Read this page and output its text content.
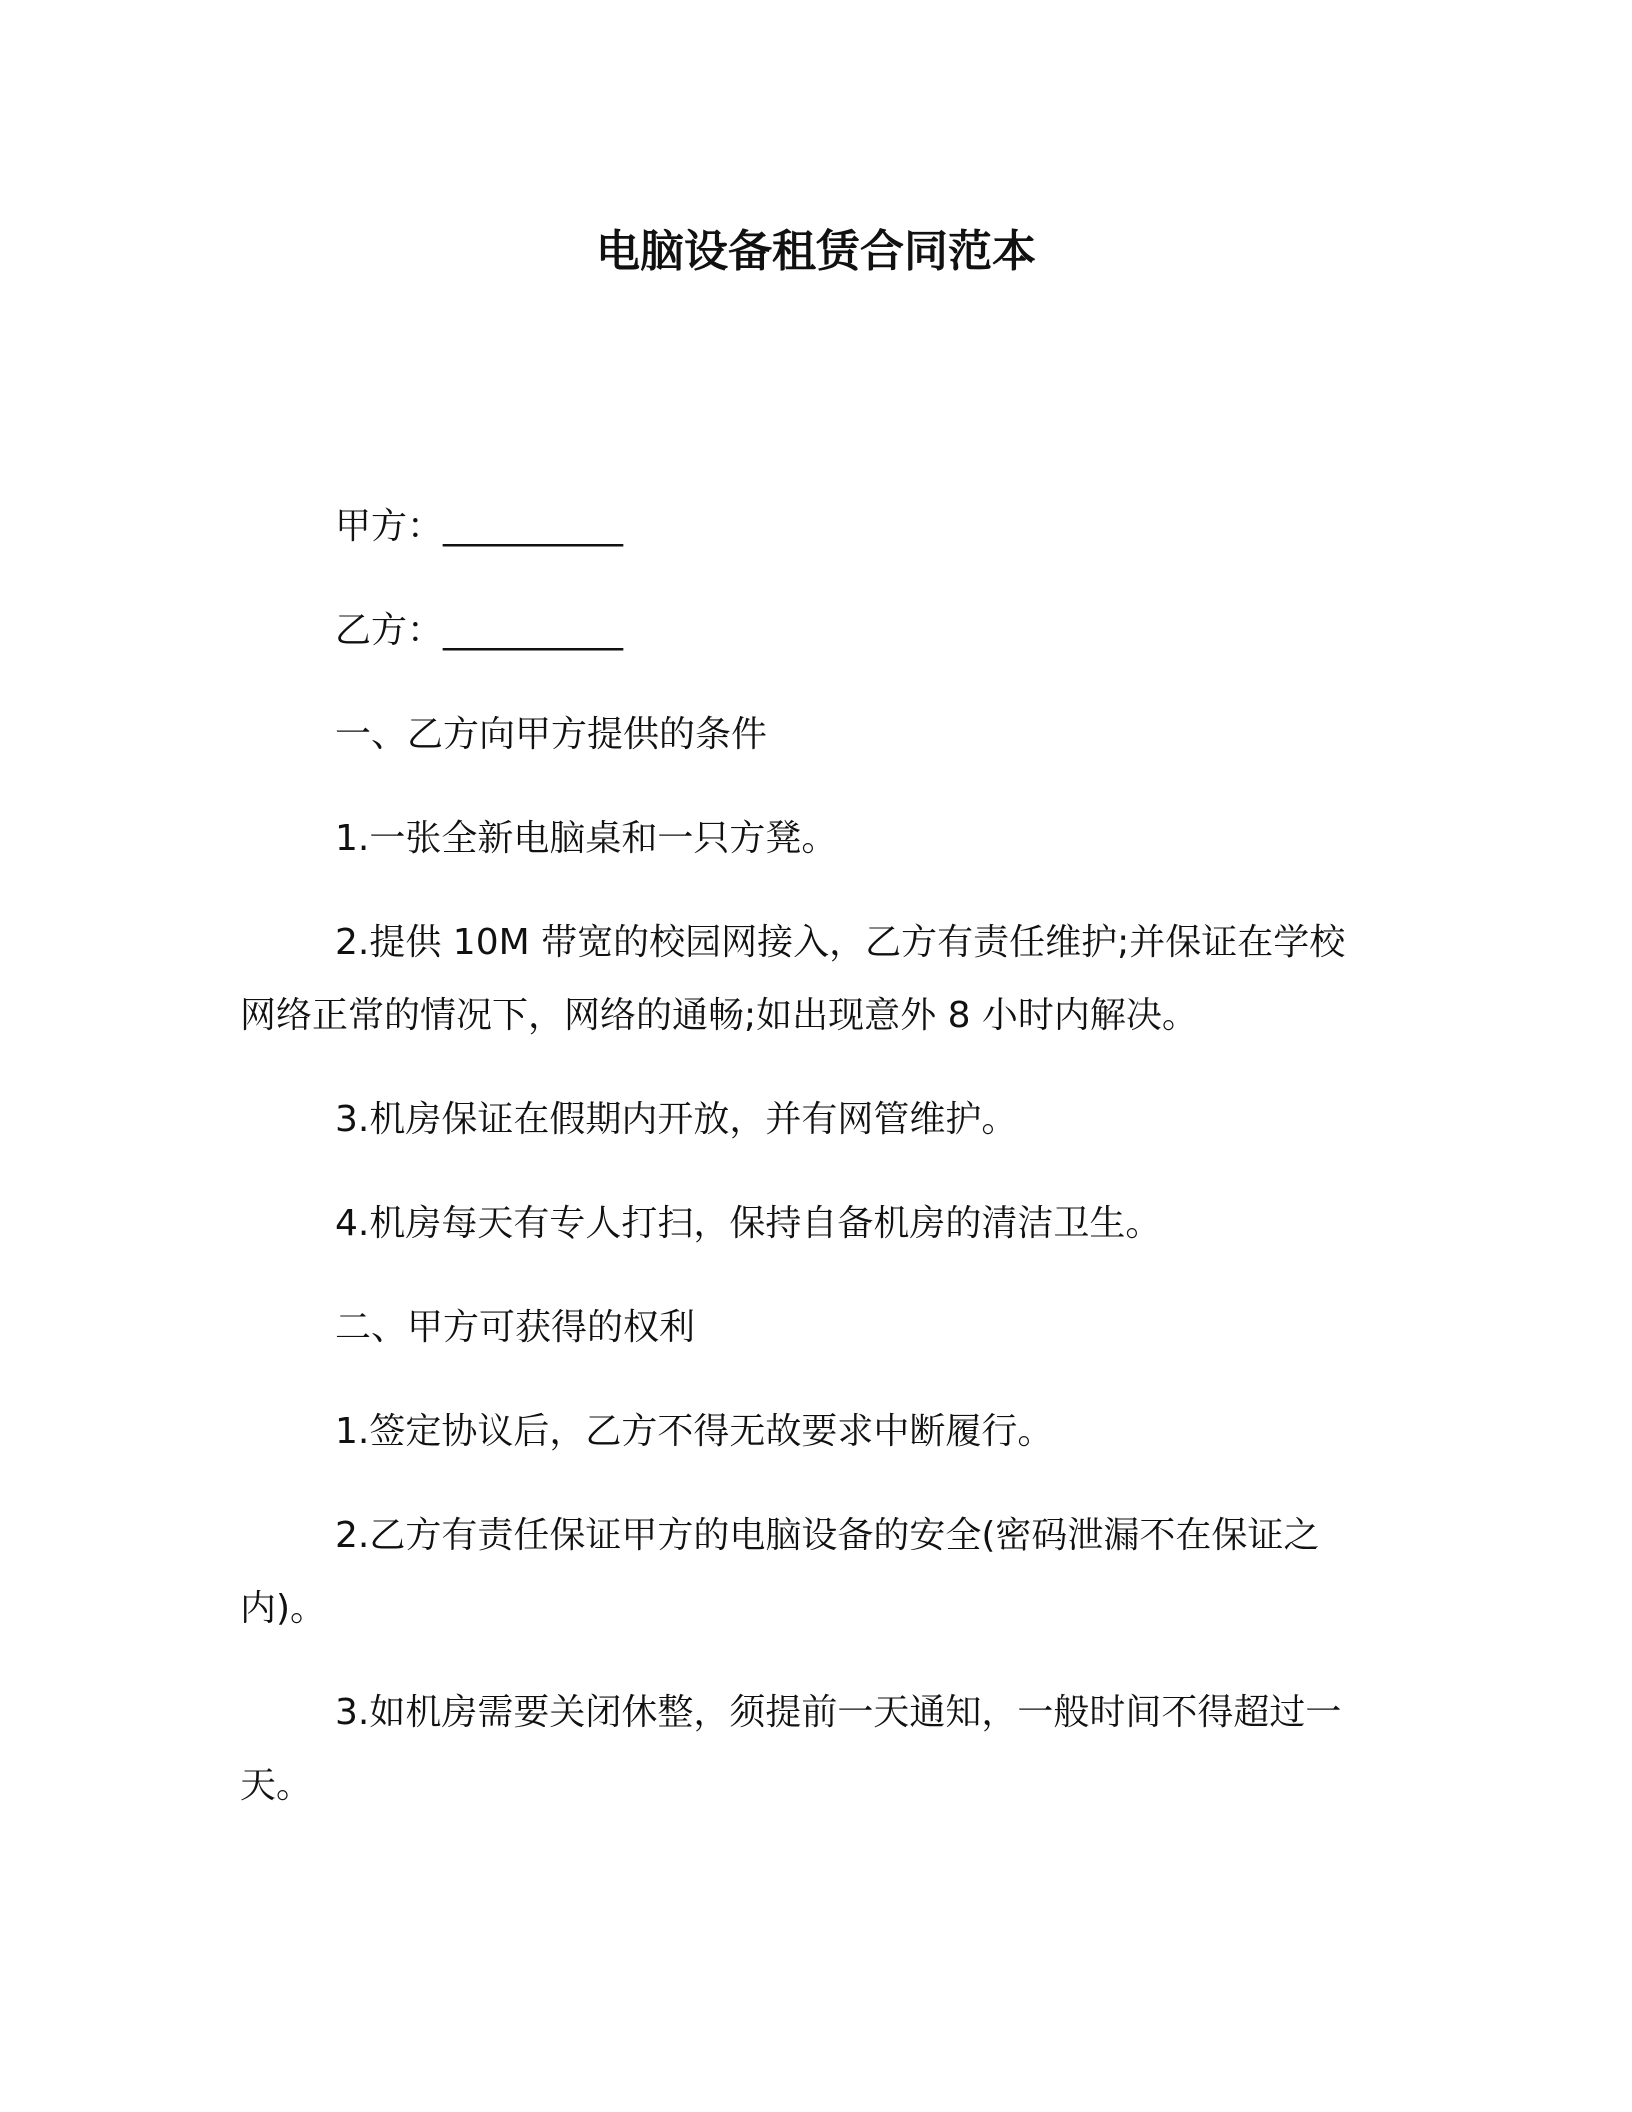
电脑设备租赁合同范本

甲方：__________

乙方：__________

一、乙方向甲方提供的条件

1.一张全新电脑桌和一只方凳。

2.提供 10M 带宽的校园网接入，乙方有责任维护;并保证在学校网络正常的情况下，网络的通畅;如出现意外 8 小时内解决。

3.机房保证在假期内开放，并有网管维护。

4.机房每天有专人打扫，保持自备机房的清洁卫生。

二、甲方可获得的权利

1.签定协议后，乙方不得无故要求中断履行。

2.乙方有责任保证甲方的电脑设备的安全(密码泄漏不在保证之内)。

3.如机房需要关闭休整，须提前一天通知，一般时间不得超过一天。
